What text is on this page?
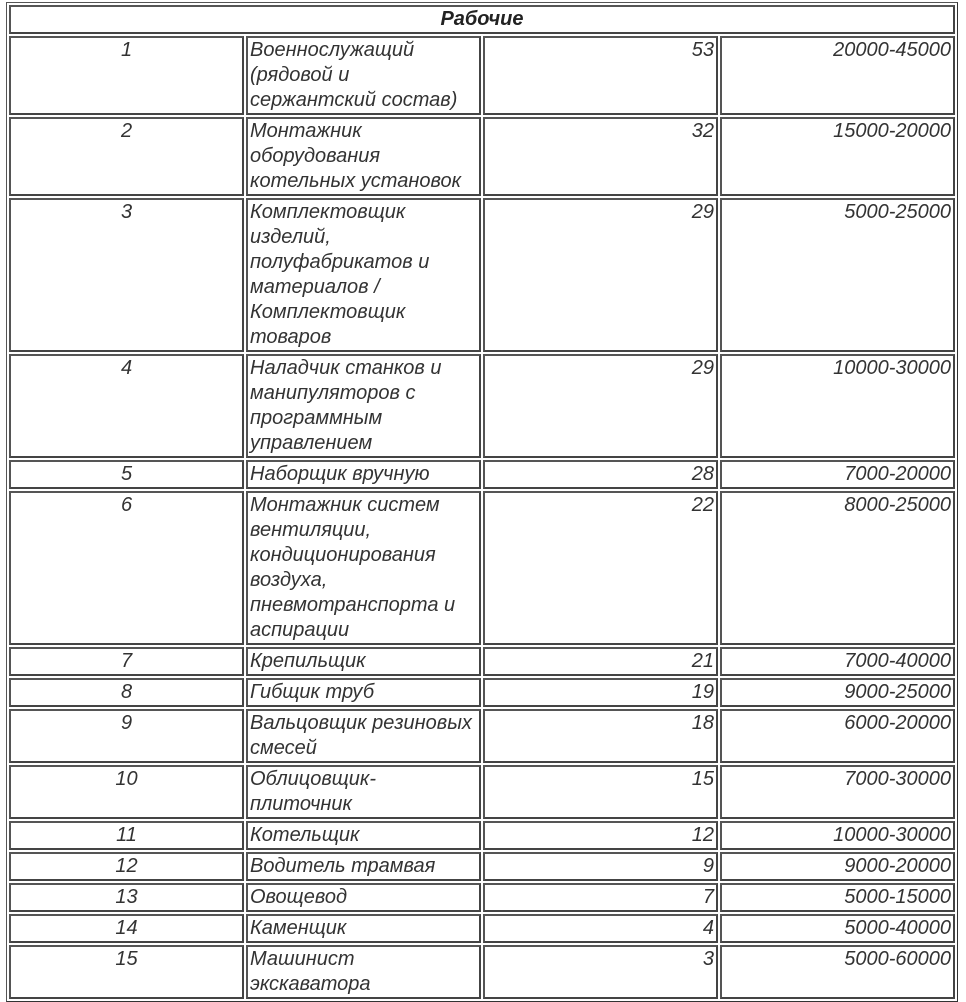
Рабочие			
1	Военнослужащий (рядовой и сержантский состав)	53	20000-45000
2	Монтажник оборудования котельных установок	32	15000-20000
3	Комплектовщик изделий, полуфабрикатов и материалов /Комплектовщик товаров	29	5000-25000
4	Наладчик станков и манипуляторов с программным управлением	29	10000-30000
5	Наборщик вручную	28	7000-20000
6	Монтажник систем вентиляции, кондиционирования воздуха, пневмотранспорта и аспирации	22	8000-25000
7	Крепильщик	21	7000-40000
8	Гибщик труб	19	9000-25000
9	Вальцовщик резиновых смесей	18	6000-20000
10	Облицовщик-плиточник	15	7000-30000
11	Котельщик	12	10000-30000
12	Водитель трамвая	9	9000-20000
13	Овощевод	7	5000-15000
14	Каменщик	4	5000-40000
15	Машинист экскаватора	3	5000-60000
